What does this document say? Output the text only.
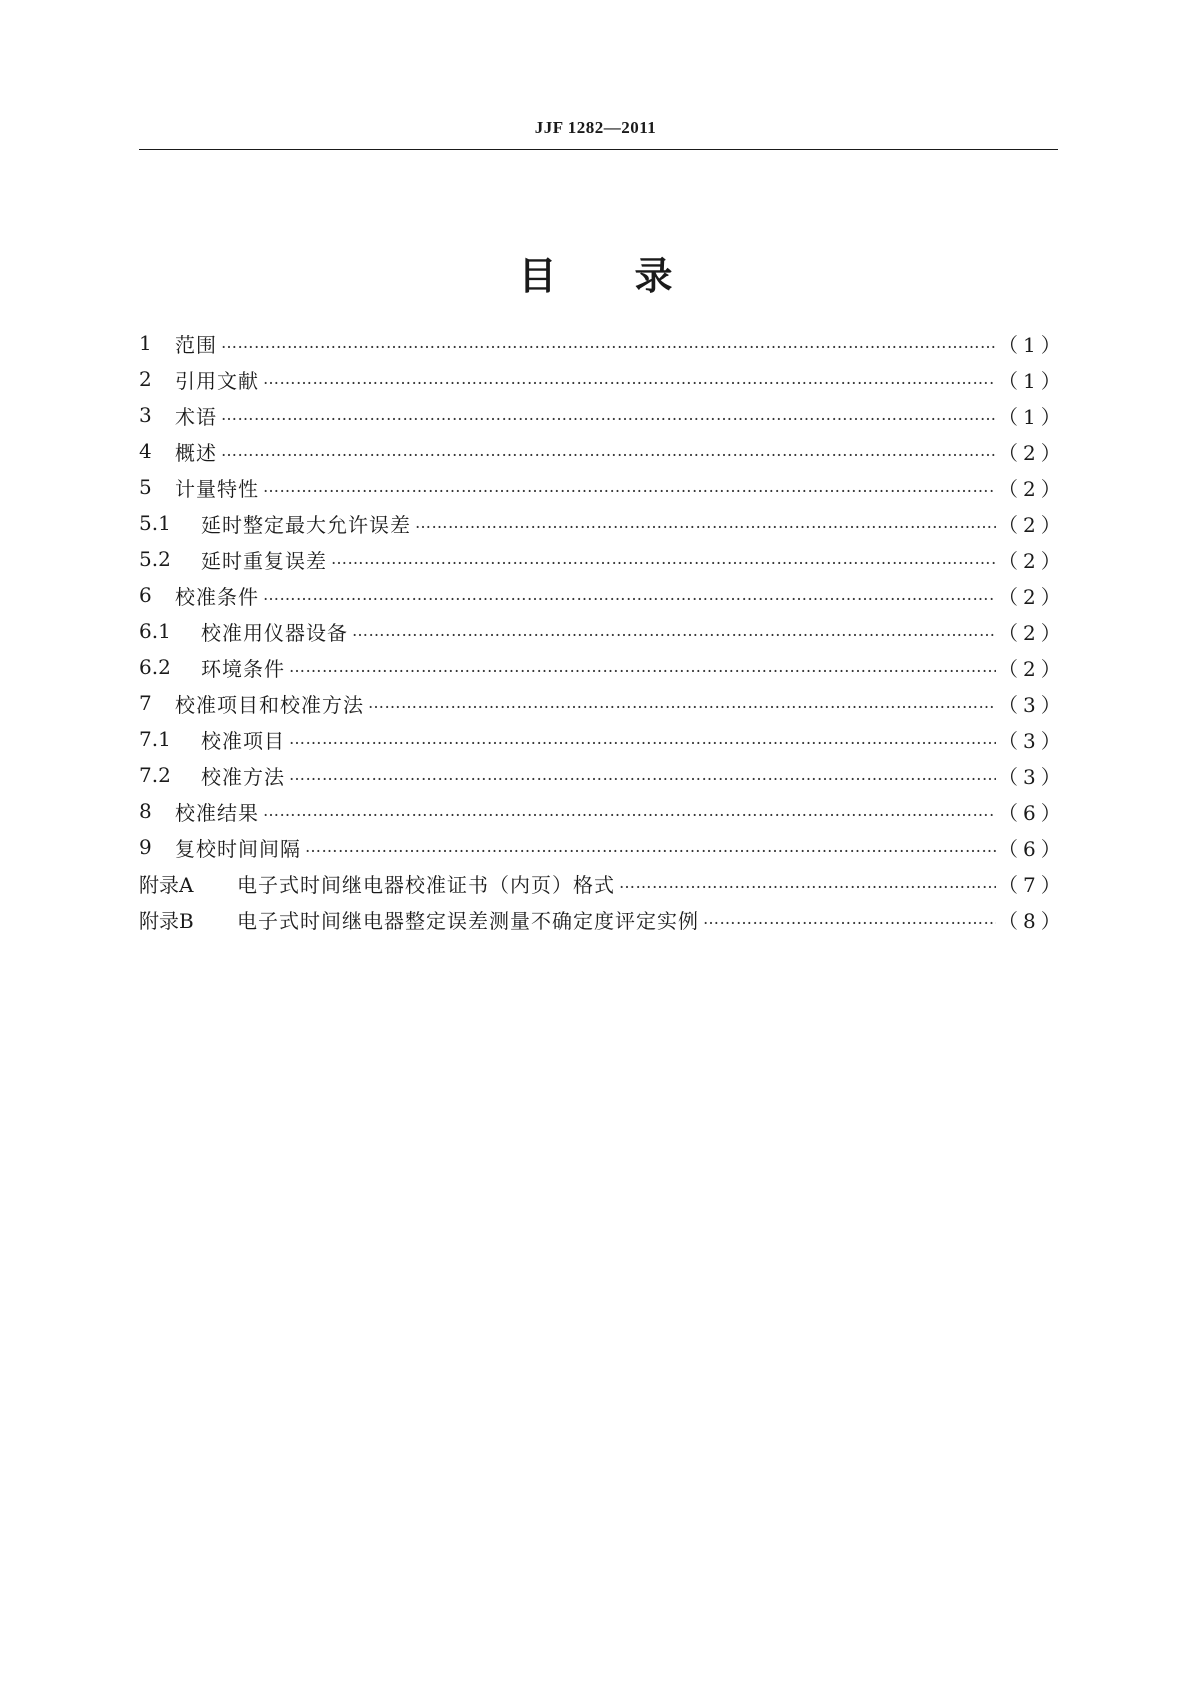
JJF 1282—2011
目 录
1	范围 ………………………………………………………………………………………………………………………………………………………………………………………………………………………………………………	（1）
2	引用文献 ………………………………………………………………………………………………………………………………………………………………………………………………………………………………………………	（1）
3	术语 ………………………………………………………………………………………………………………………………………………………………………………………………………………………………………………	（1）
4	概述 ………………………………………………………………………………………………………………………………………………………………………………………………………………………………………………	（2）
5	计量特性 ………………………………………………………………………………………………………………………………………………………………………………………………………………………………………………	（2）
5.1	延时整定最大允许误差 ………………………………………………………………………………………………………………………………………………………………………………………………………………………………………………	（2）
5.2	延时重复误差 ………………………………………………………………………………………………………………………………………………………………………………………………………………………………………………	（2）
6	校准条件 ………………………………………………………………………………………………………………………………………………………………………………………………………………………………………………	（2）
6.1	校准用仪器设备 ………………………………………………………………………………………………………………………………………………………………………………………………………………………………………………	（2）
6.2	环境条件 ………………………………………………………………………………………………………………………………………………………………………………………………………………………………………………	（2）
7	校准项目和校准方法 ………………………………………………………………………………………………………………………………………………………………………………………………………………………………………………	（3）
7.1	校准项目 ………………………………………………………………………………………………………………………………………………………………………………………………………………………………………………	（3）
7.2	校准方法 ………………………………………………………………………………………………………………………………………………………………………………………………………………………………………………	（3）
8	校准结果 ………………………………………………………………………………………………………………………………………………………………………………………………………………………………………………	（6）
9	复校时间间隔 ………………………………………………………………………………………………………………………………………………………………………………………………………………………………………………	（6）
附录A	电子式时间继电器校准证书（内页）格式 ………………………………………………………………………………………………………………………………………………………………………………………………………………………………………………	（7）
附录B	电子式时间继电器整定误差测量不确定度评定实例 ………………………………………………………………………………………………………………………………………………………………………………………………………………………………………………	（8）
